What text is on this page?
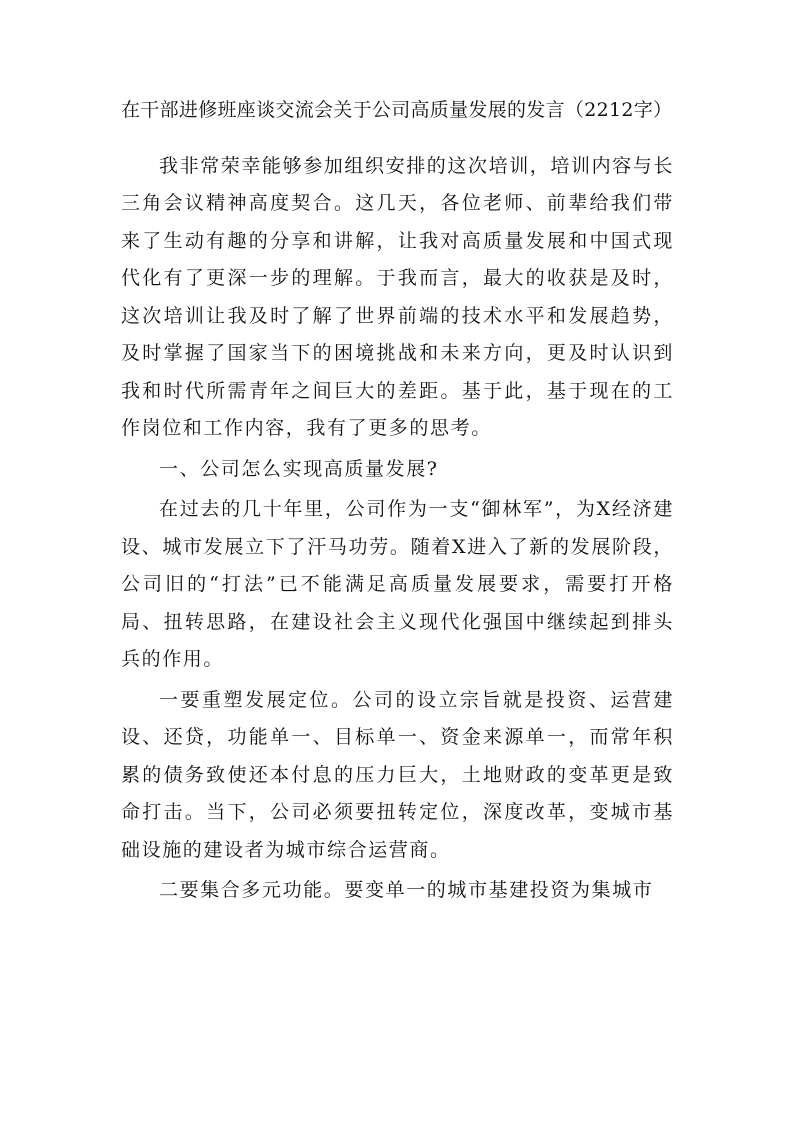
在干部进修班座谈交流会关于公司高质量发展的发言（2212字）

我非常荣幸能够参加组织安排的这次培训，培训内容与长三角会议精神高度契合。这几天，各位老师、前辈给我们带来了生动有趣的分享和讲解，让我对高质量发展和中国式现代化有了更深一步的理解。于我而言，最大的收获是及时，这次培训让我及时了解了世界前端的技术水平和发展趋势，及时掌握了国家当下的困境挑战和未来方向，更及时认识到我和时代所需青年之间巨大的差距。基于此，基于现在的工作岗位和工作内容，我有了更多的思考。

一、公司怎么实现高质量发展?

在过去的几十年里，公司作为一支“御林军”，为X经济建设、城市发展立下了汗马功劳。随着X进入了新的发展阶段，公司旧的“打法”已不能满足高质量发展要求，需要打开格局、扭转思路，在建设社会主义现代化强国中继续起到排头兵的作用。

一要重塑发展定位。公司的设立宗旨就是投资、运营建设、还贷，功能单一、目标单一、资金来源单一，而常年积累的债务致使还本付息的压力巨大，土地财政的变革更是致命打击。当下，公司必须要扭转定位，深度改革，变城市基础设施的建设者为城市综合运营商。

二要集合多元功能。要变单一的城市基建投资为集城市
